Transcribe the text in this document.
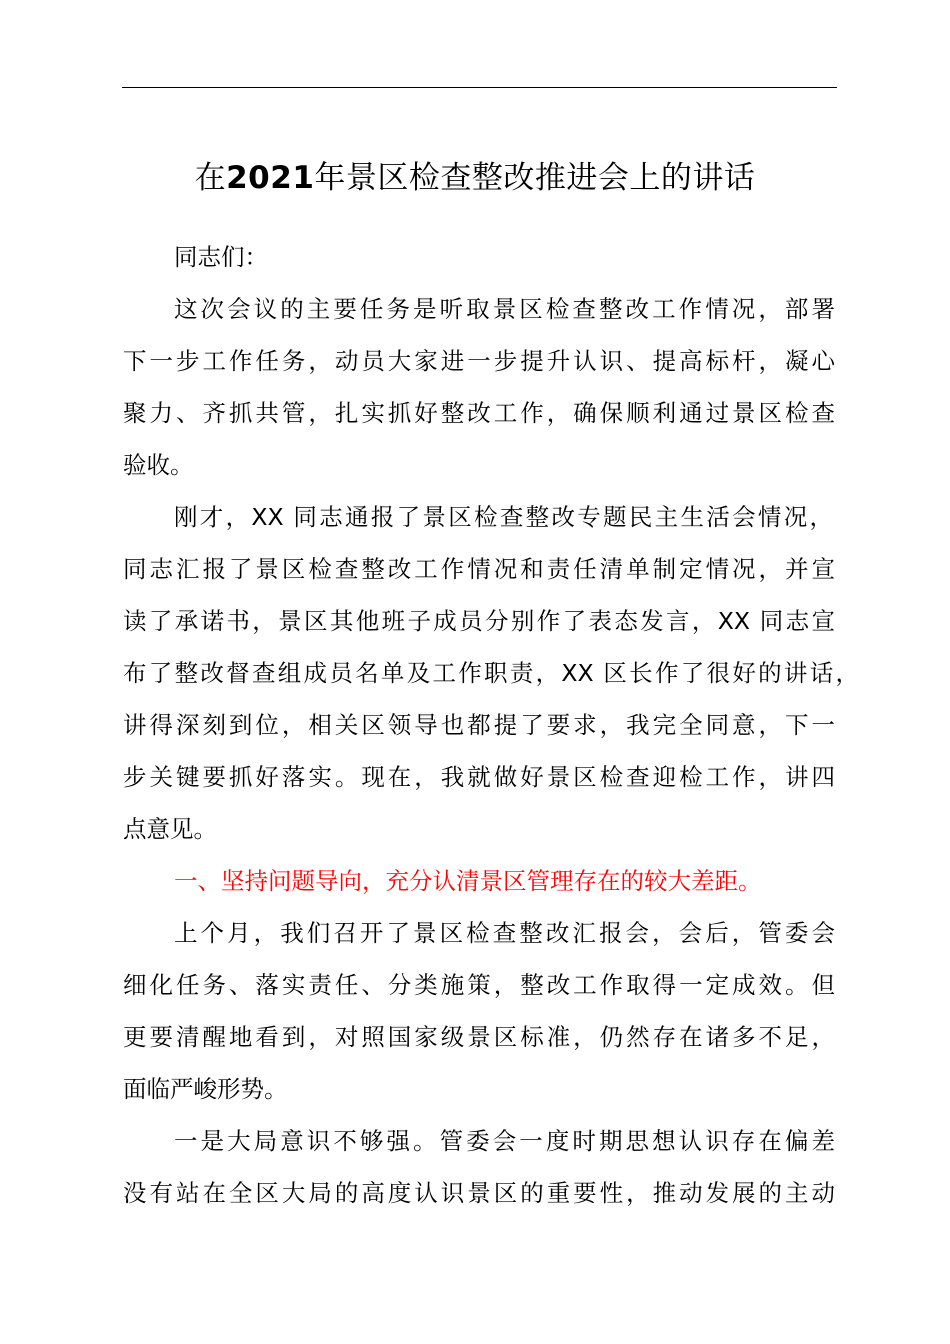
在2021年景区检查整改推进会上的讲话
同志们：
这次会议的主要任务是听取景区检查整改工作情况，部署
下一步工作任务，动员大家进一步提升认识、提高标杆，凝心
聚力、齐抓共管，扎实抓好整改工作，确保顺利通过景区检查
验收。
刚才，XX 同志通报了景区检查整改专题民主生活会情况，
同志汇报了景区检查整改工作情况和责任清单制定情况，并宣
读了承诺书，景区其他班子成员分别作了表态发言，XX 同志宣
布了整改督查组成员名单及工作职责，XX 区长作了很好的讲话，
讲得深刻到位，相关区领导也都提了要求，我完全同意，下一
步关键要抓好落实。现在，我就做好景区检查迎检工作，讲四
点意见。
一、坚持问题导向，充分认清景区管理存在的较大差距。
上个月，我们召开了景区检查整改汇报会，会后，管委会
细化任务、落实责任、分类施策，整改工作取得一定成效。但
更要清醒地看到，对照国家级景区标准，仍然存在诸多不足，
面临严峻形势。
一是大局意识不够强。管委会一度时期思想认识存在偏差
没有站在全区大局的高度认识景区的重要性，推动发展的主动
